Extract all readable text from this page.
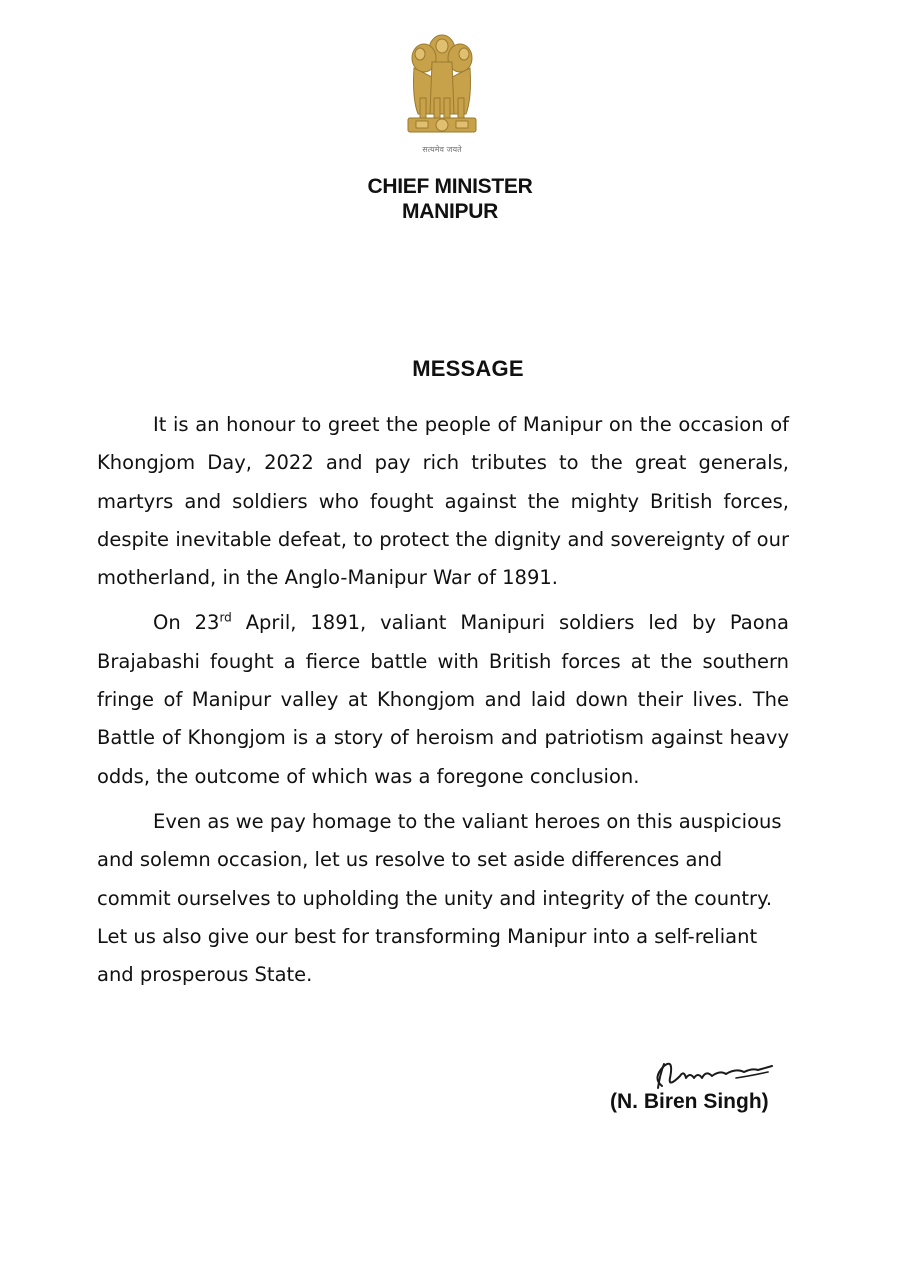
सत्यमेव जयते
CHIEF MINISTER
MANIPUR
MESSAGE

It is an honour to greet the people of Manipur on the occasion of Khongjom Day, 2022 and pay rich tributes to the great generals, martyrs and soldiers who fought against the mighty British forces, despite inevitable defeat, to protect the dignity and sovereignty of our motherland, in the Anglo-Manipur War of 1891.

On 23rd April, 1891, valiant Manipuri soldiers led by Paona Brajabashi fought a fierce battle with British forces at the southern fringe of Manipur valley at Khongjom and laid down their lives. The Battle of Khongjom is a story of heroism and patriotism against heavy odds, the outcome of which was a foregone conclusion.

Even as we pay homage to the valiant heroes on this auspicious and solemn occasion, let us resolve to set aside differences and commit ourselves to upholding the unity and integrity of the country. Let us also give our best for transforming Manipur into a self-reliant and prosperous State.

(N. Biren Singh)
